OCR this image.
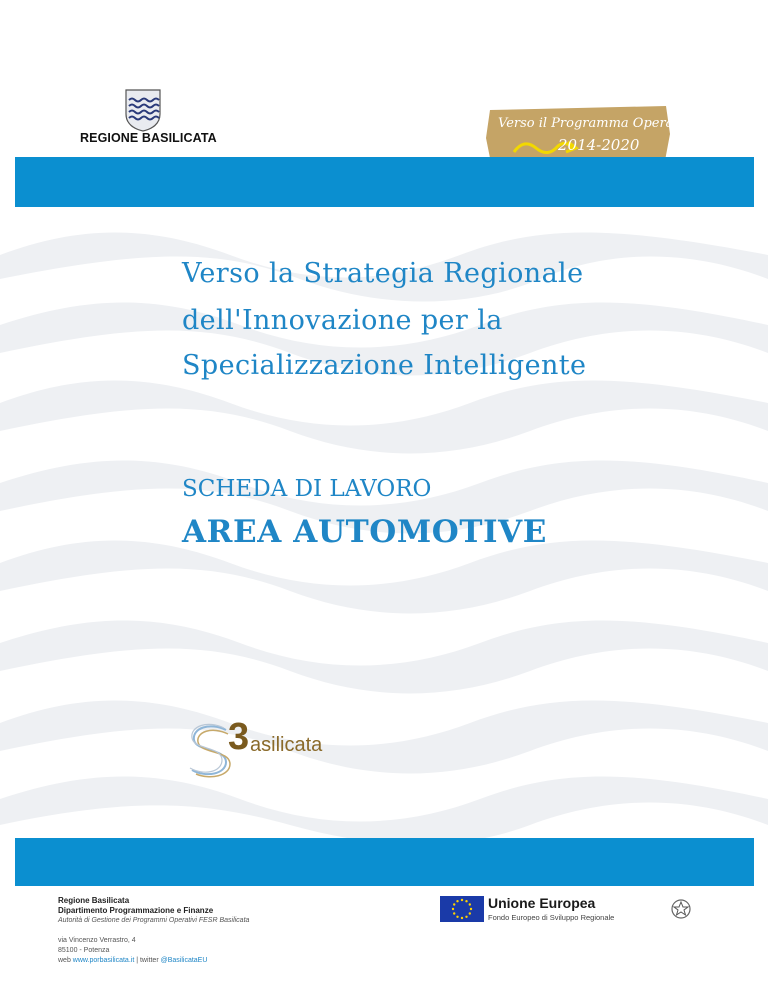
REGIONE BASILICATA
Verso il Programma Operativo
2014-2020
Verso la Strategia Regionale
dell'Innovazione per la
Specializzazione Intelligente
SCHEDA DI LAVORO
AREA AUTOMOTIVE
3 asilicata
Regione Basilicata
Dipartimento Programmazione e Finanze
Autorità di Gestione dei Programmi Operativi FESR Basilicata
via Vincenzo Verrastro, 4
85100 - Potenza
web www.porbasilicata.it | twitter @BasilicataEU
Unione Europea
Fondo Europeo di Sviluppo Regionale
